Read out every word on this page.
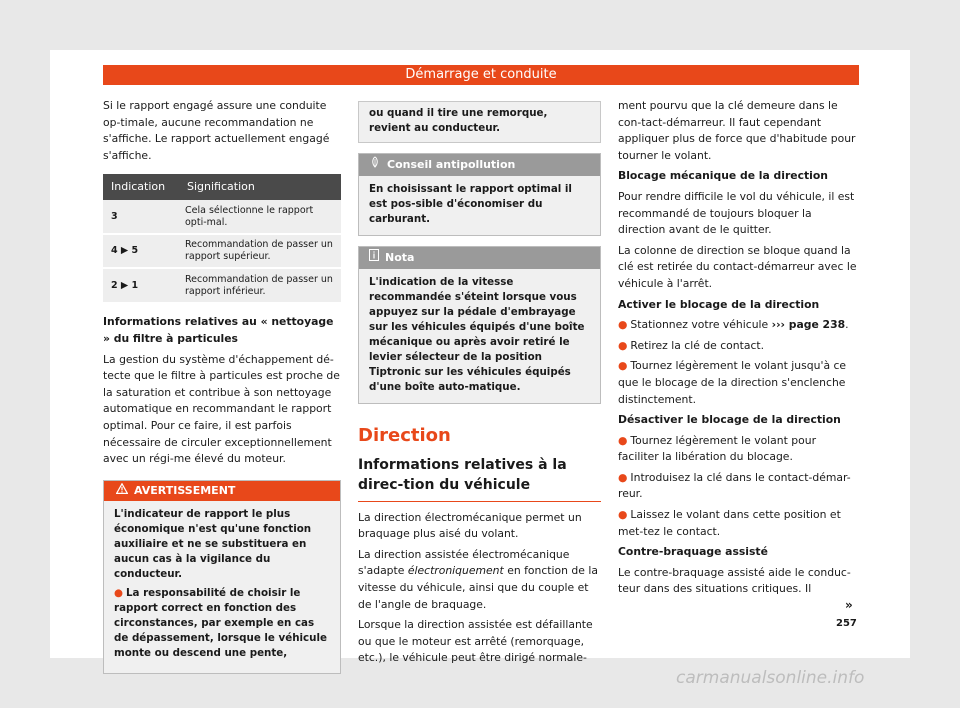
Démarrage et conduite

Si le rapport engagé assure une conduite op-timale, aucune recommandation ne s'affiche. Le rapport actuellement engagé s'affiche.

Indication	Signification
3	Cela sélectionne le rapport opti-mal.
4 ▶ 5	Recommandation de passer un rapport supérieur.
2 ▶ 1	Recommandation de passer un rapport inférieur.

Informations relatives au « nettoyage » du filtre à particules

La gestion du système d'échappement dé-tecte que le filtre à particules est proche de la saturation et contribue à son nettoyage automatique en recommandant le rapport optimal. Pour ce faire, il est parfois nécessaire de circuler exceptionnellement avec un régi-me élevé du moteur.

AVERTISSEMENT

L'indicateur de rapport le plus économique n'est qu'une fonction auxiliaire et ne se substituera en aucun cas à la vigilance du conducteur.

● La responsabilité de choisir le rapport correct en fonction des circonstances, par exemple en cas de dépassement, lorsque le véhicule monte ou descend une pente,

ou quand il tire une remorque, revient au conducteur.
Conseil antipollution
En choisissant le rapport optimal il est pos-sible d'économiser du carburant.
Nota
L'indication de la vitesse recommandée s'éteint lorsque vous appuyez sur la pédale d'embrayage sur les véhicules équipés d'une boîte mécanique ou après avoir retiré le levier sélecteur de la position Tiptronic sur les véhicules équipés d'une boîte auto-matique.
Direction
Informations relatives à la direc-tion du véhicule

La direction électromécanique permet un braquage plus aisé du volant.

La direction assistée électromécanique s'adapte électroniquement en fonction de la vitesse du véhicule, ainsi que du couple et de l'angle de braquage.

Lorsque la direction assistée est défaillante ou que le moteur est arrêté (remorquage, etc.), le véhicule peut être dirigé normale-

ment pourvu que la clé demeure dans le con-tact-démarreur. Il faut cependant appliquer plus de force que d'habitude pour tourner le volant.

Blocage mécanique de la direction

Pour rendre difficile le vol du véhicule, il est recommandé de toujours bloquer la direction avant de le quitter.

La colonne de direction se bloque quand la clé est retirée du contact-démarreur avec le véhicule à l'arrêt.

Activer le blocage de la direction

● Stationnez votre véhicule ››› page 238.

● Retirez la clé de contact.

● Tournez légèrement le volant jusqu'à ce que le blocage de la direction s'enclenche distinctement.

Désactiver le blocage de la direction

● Tournez légèrement le volant pour faciliter la libération du blocage.

● Introduisez la clé dans le contact-démar-reur.

● Laissez le volant dans cette position et met-tez le contact.

Contre-braquage assisté

Le contre-braquage assisté aide le conduc-teur dans des situations critiques. Il

»
257
carmanualsonline.info
